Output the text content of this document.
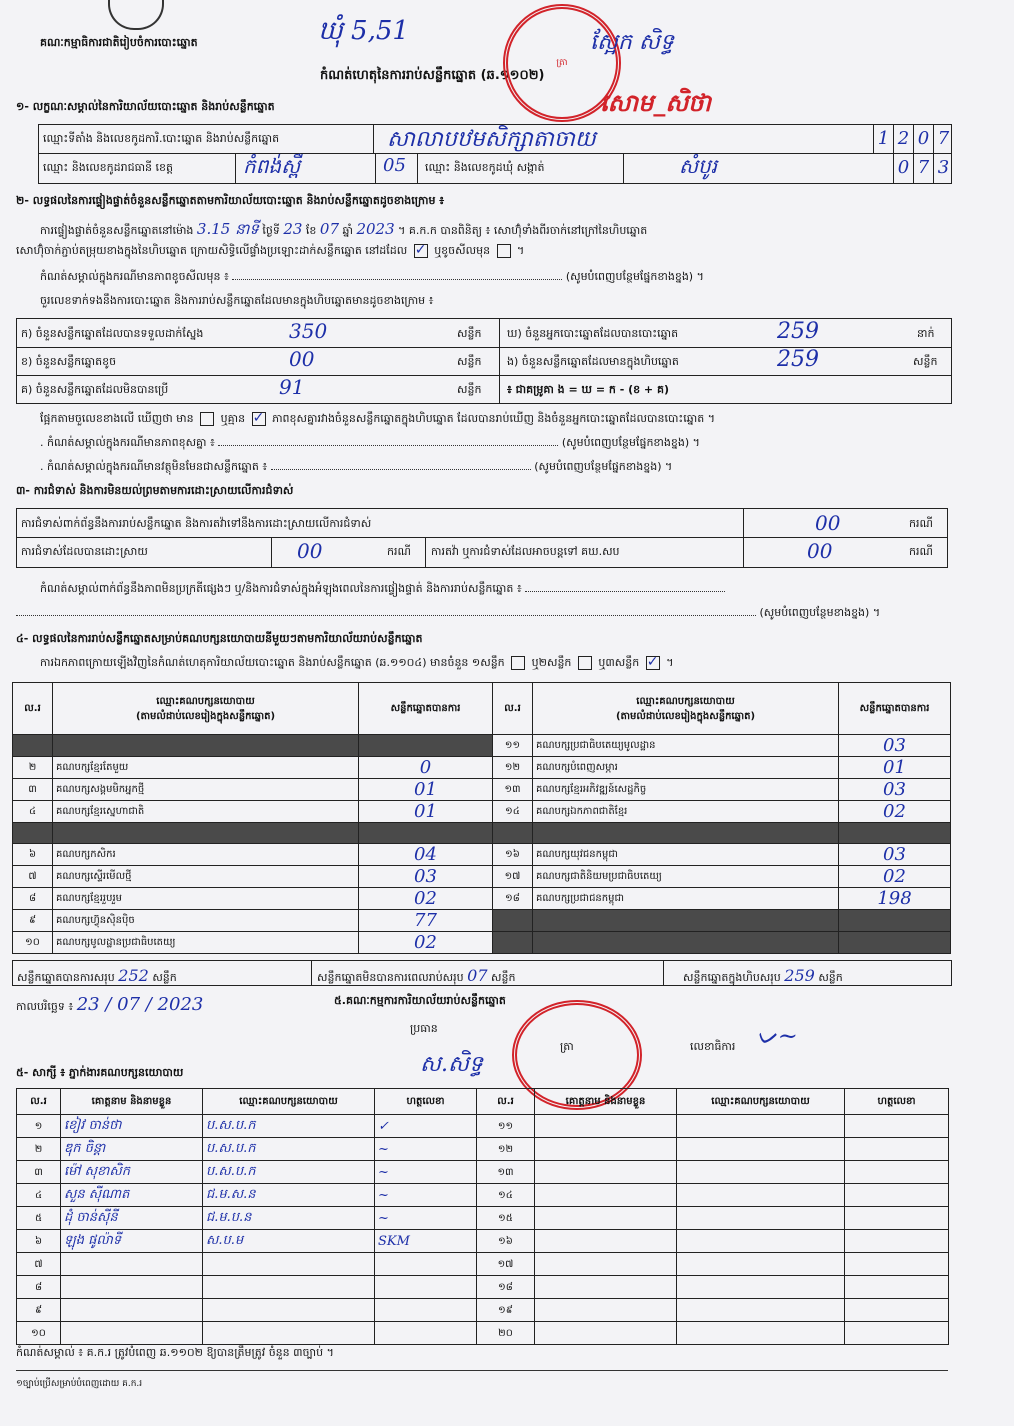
គណៈកម្មាធិការជាតិរៀបចំការបោះឆ្នោត	ឃុំ 5,51
កំណត់ហេតុនៃការរាប់សន្លឹកឆ្នោត (ឆ.១១០២)
ត្រា
ស្អែក សិទ្ធ
សោម_សិថា
១- លក្ខណៈសម្គាល់នៃការិយាល័យបោះឆ្នោត និងរាប់សន្លឹកឆ្នោត
ឈ្មោះទីតាំង និងលេខកូដការិ.បោះឆ្នោត និងរាប់សន្លឹកឆ្នោត	សាលាបឋមសិក្សាតាចាយ	1 2 0 7
ឈ្មោះ និងលេខកូដរាជធានី ខេត្ត	កំពង់ស្ពឺ	05 ឈ្មោះ និងលេខកូដឃុំ សង្កាត់	សំបូរ	0 7 3
២- លទ្ធផលនៃការផ្ទៀងផ្ទាត់ចំនួនសន្លឹកឆ្នោតតាមការិយាល័យបោះឆ្នោត និងរាប់សន្លឹកឆ្នោតដូចខាងក្រោម ៖
ការផ្ទៀងផ្ទាត់ចំនួនសន្លឹកឆ្នោតនៅម៉ោង 3.15 នាទី ថ្ងៃទី 23 ខែ 07 ឆ្នាំ 2023 ។ គ.ក.ក បានពិនិត្យ ៖ សោហ៊ុំទាំងពីរចាក់នៅក្រៅនៃហិបឆ្នោត
សោហ៊ុំចាក់ភ្ជាប់តម្រុយខាងក្នុងនៃហិបឆ្នោត ក្រោយសិទ្ធិលើផ្ទាំងប្រឡោះដាក់សន្លឹកឆ្នោត នៅដដែល ✓ ឬខូចសីលមុន  ។
កំណត់សម្គាល់ក្នុងករណីមានភាពខូចសីលមុន ៖	(សូមបំពេញបន្ថែមផ្នែកខាងខ្នង) ។
ចួរលេខទាក់ទងនឹងការបោះឆ្នោត និងការរាប់សន្លឹកឆ្នោតដែលមានក្នុងហិបឆ្នោតមានដូចខាងក្រោម ៖
ក) ចំនួនសន្លឹកឆ្នោតដែលបានទទួលដាក់ស្នែង	350	សន្លឹក
ខ) ចំនួនសន្លឹកឆ្នោតខូច	00	សន្លឹក
គ) ចំនួនសន្លឹកឆ្នោតដែលមិនបានប្រើ	91	សន្លឹក
ឃ) ចំនួនអ្នកបោះឆ្នោតដែលបានបោះឆ្នោត	259	នាក់
ង) ចំនួនសន្លឹកឆ្នោតដែលមានក្នុងហិបឆ្នោត	259	សន្លឹក
៖ ជាគម្រូគា ង = ឃ = ក - (ខ + គ)
ផ្អែកតាមចួលេខខាងលើ ឃើញថា មាន ឬគ្មាន ✓ ភាពខុសគ្នារវាងចំនួនសន្លឹកឆ្នោតក្នុងហិបឆ្នោត ដែលបានរាប់ឃើញ និងចំនួនអ្នកបោះឆ្នោតដែលបានបោះឆ្នោត ។
. កំណត់សម្គាល់ក្នុងករណីមានភាពខុសគ្នា ៖	(សូមបំពេញបន្ថែមផ្នែកខាងខ្នង) ។
. កំណត់សម្គាល់ក្នុងករណីមានវត្ថុមិនមែនជាសន្លឹកឆ្នោត ៖	(សូមបំពេញបន្ថែមផ្នែកខាងខ្នង) ។
៣- ការជំទាស់ និងការមិនយល់ព្រមតាមការដោះស្រាយលើការជំទាស់
ការជំទាស់ពាក់ព័ន្ធនឹងការរាប់សន្លឹកឆ្នោត និងការតវ៉ាទៅនឹងការដោះស្រាយលើការជំទាស់	00	ករណី
ការជំទាស់ដែលបានដោះស្រាយ	00	ករណី ការតវ៉ា ឬការជំទាស់ដែលអាចបន្តទៅ គឃ.សប	00	ករណី
កំណត់សម្គាល់ពាក់ព័ន្ធនឹងភាពមិនប្រក្រតីផ្សេងៗ ឬ/និងការជំទាស់ក្នុងអំឡុងពេលនៃការផ្ទៀងផ្ទាត់ និងការរាប់សន្លឹកឆ្នោត ៖
(សូមបំពេញបន្ថែមខាងខ្នង) ។
៤- លទ្ធផលនៃការរាប់សន្លឹកឆ្នោតសម្រាប់គណបក្សនយោបាយនីមួយៗតាមការិយាល័យរាប់សន្លឹកឆ្នោត
ការឯកភាពក្រោយឡើងវិញនៃកំណត់ហេតុការិយាល័យបោះឆ្នោត និងរាប់សន្លឹកឆ្នោត (ឆ.១១០៤) មានចំនួន ១សន្លឹក ឬ២សន្លឹក ឬ៣សន្លឹក ✓ ។
ល.រ	ឈ្មោះគណបក្សនយោបាយ
(តាមលំដាប់លេខរៀងក្នុងសន្លឹកឆ្នោត)	សន្លឹកឆ្នោតបានការ	ល.រ	ឈ្មោះគណបក្សនយោបាយ
(តាមលំដាប់លេខរៀងក្នុងសន្លឹកឆ្នោត)	សន្លឹកឆ្នោតបានការ
			១១	គណបក្សប្រជាធិបតេយ្យមូលដ្ឋាន	03
២	គណបក្សខ្មែរតែមួយ	0	១២	គណបក្សបំពេញសម្ភារ	01
៣	គណបក្សសង្គមមិកអ្នកថ្មី	01	១៣	គណបក្សខ្មែរអភិវឌ្ឍន៍សេដ្ឋកិច្ច	03
៤	គណបក្សខ្មែរស្នេហាជាតិ	01	១៤	គណបក្សឯកភាពជាតិខ្មែរ	02

៦	គណបក្សកសិករ	04	១៦	គណបក្សយុវជនកម្ពុជា	03
៧	គណបក្សស្ទើរមើលថ្មី	03	១៧	គណបក្សជាតិនិយមប្រជាធិបតេយ្យ	02
៨	គណបក្សខ្មែររួបរួម	02	១៨	គណបក្សប្រជាជនកម្ពុជា	198
៩	គណបក្សហ៊្វុនស៊ិនប៉ិច	77			
១០	គណបក្សមូលដ្ឋានប្រជាធិបតេយ្យ	02			
សន្លឹកឆ្នោតបានការសរុប 252 សន្លឹក	សន្លឹកឆ្នោតមិនបានការពេលរាប់សរុប 07 សន្លឹក	សន្លឹកឆ្នោតក្នុងហិបសរុប 259 សន្លឹក
កាលបរិច្ឆេទ ៖ 23 / 07 / 2023	៥.គណៈកម្មការការិយាល័យរាប់សន្លឹកឆ្នោត
ប្រធាន
ត្រា
ស.សិទ្ធ
លេខាធិការ ᨆ~
៥- សាក្សី ៖ ភ្នាក់ងារគណបក្សនយោបាយ
ល.រ	គោត្តនាម និងនាមខ្លួន	ឈ្មោះគណបក្សនយោបាយ	ហត្ថលេខា	ល.រ	គោត្តនាម និងនាមខ្លួន	ឈ្មោះគណបក្សនយោបាយ	ហត្ថលេខា
១	ខៀវ ចាន់ថា	ប.ស.ប.ក	✓	១១			
២	ឌុក ចិន្តា	ប.ស.ប.ក	~	១២			
៣	ម៉ៅ សុខាសិក	ប.ស.ប.ក	~	១៣			
៤	សួន ស៊ីណាត	ជ.ម.ស.ន	~	១៤			
៥	ដុំ ចាន់ស៊ីនី	ជ.ម.ប.ន	~	១៥			
៦	ឡុង ផូល៉ាទី	ស.ប.ម	SKM	១៦			
៧				១៧			
៨				១៨			
៩				១៩			
១០				២០			
កំណត់សម្គាល់ ៖ គ.ក.រ ត្រូវបំពេញ ឆ.១១០២ ឱ្យបានត្រឹមត្រូវ ចំនួន ៣ច្បាប់ ។
១ច្បាប់ប្រើសម្រាប់បំពេញដោយ គ.ក.រ
